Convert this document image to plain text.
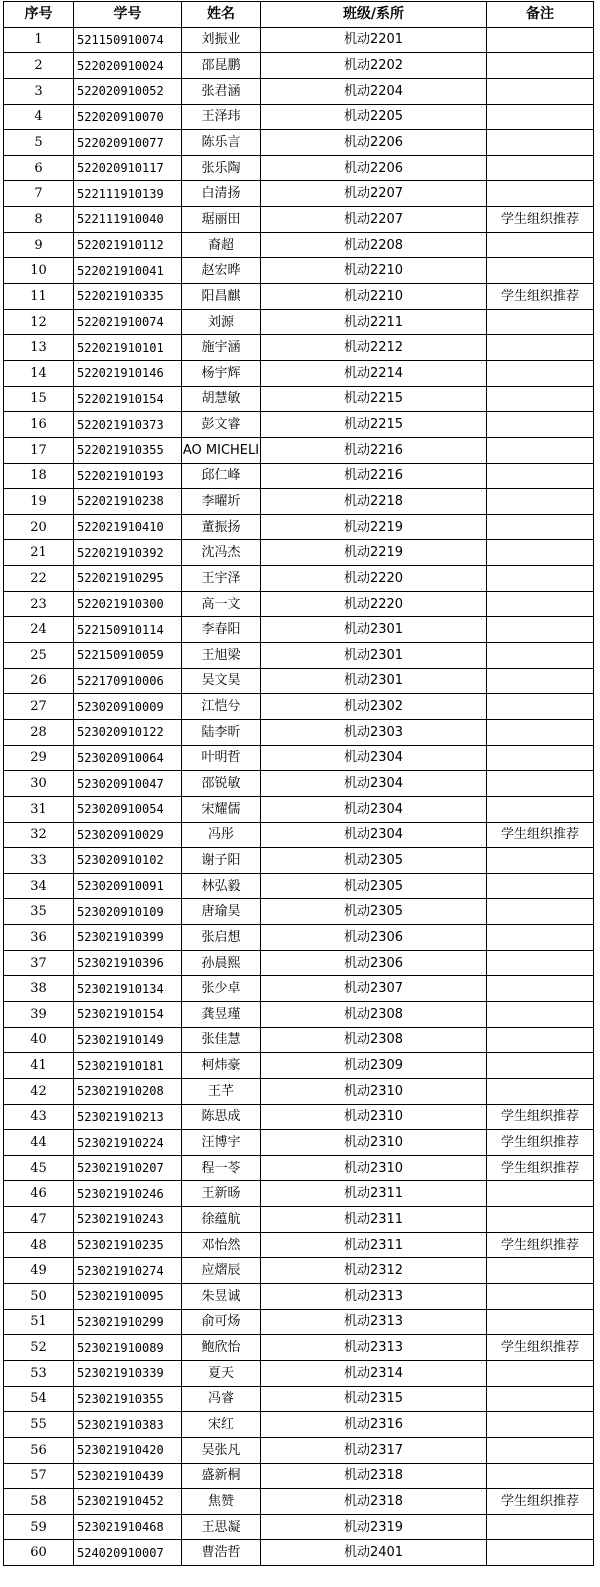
序号	学号	姓名	班级/系所	备注
1	521150910074	刘振业	机动2201	
2	522020910024	邵昆鹏	机动2202	
3	522020910052	张君涵	机动2204	
4	522020910070	王泽玮	机动2205	
5	522020910077	陈乐言	机动2206	
6	522020910117	张乐陶	机动2206	
7	522111910139	白清扬	机动2207	
8	522111910040	琚丽田	机动2207	学生组织推荐
9	522021910112	裔超	机动2208	
10	522021910041	赵宏晔	机动2210	
11	522021910335	阳昌麒	机动2210	学生组织推荐
12	522021910074	刘源	机动2211	
13	522021910101	施宇涵	机动2212	
14	522021910146	杨宇辉	机动2214	
15	522021910154	胡慧敏	机动2215	
16	522021910373	彭文睿	机动2215	
17	522021910355	AO MICHELI	机动2216	
18	522021910193	邱仁峰	机动2216	
19	522021910238	李曜圻	机动2218	
20	522021910410	董振扬	机动2219	
21	522021910392	沈冯杰	机动2219	
22	522021910295	王宇泽	机动2220	
23	522021910300	高一文	机动2220	
24	522150910114	李春阳	机动2301	
25	522150910059	王旭梁	机动2301	
26	522170910006	吴文昊	机动2301	
27	523020910009	江恺兮	机动2302	
28	523020910122	陆李昕	机动2303	
29	523020910064	叶明哲	机动2304	
30	523020910047	邵锐敏	机动2304	
31	523020910054	宋耀儒	机动2304	
32	523020910029	冯彤	机动2304	学生组织推荐
33	523020910102	谢子阳	机动2305	
34	523020910091	林弘毅	机动2305	
35	523020910109	唐瑜昊	机动2305	
36	523021910399	张启想	机动2306	
37	523021910396	孙晨熙	机动2306	
38	523021910134	张少卓	机动2307	
39	523021910154	龚昱瑾	机动2308	
40	523021910149	张佳慧	机动2308	
41	523021910181	柯炜豪	机动2309	
42	523021910208	王芊	机动2310	
43	523021910213	陈思成	机动2310	学生组织推荐
44	523021910224	汪博宇	机动2310	学生组织推荐
45	523021910207	程一苓	机动2310	学生组织推荐
46	523021910246	王新旸	机动2311	
47	523021910243	徐蕴航	机动2311	
48	523021910235	邓怡然	机动2311	学生组织推荐
49	523021910274	应熠辰	机动2312	
50	523021910095	朱昱诚	机动2313	
51	523021910299	俞可炀	机动2313	
52	523021910089	鲍欣怡	机动2313	学生组织推荐
53	523021910339	夏天	机动2314	
54	523021910355	冯睿	机动2315	
55	523021910383	宋红	机动2316	
56	523021910420	吴张凡	机动2317	
57	523021910439	盛新桐	机动2318	
58	523021910452	焦赞	机动2318	学生组织推荐
59	523021910468	王思凝	机动2319	
60	524020910007	曹浩哲	机动2401	
